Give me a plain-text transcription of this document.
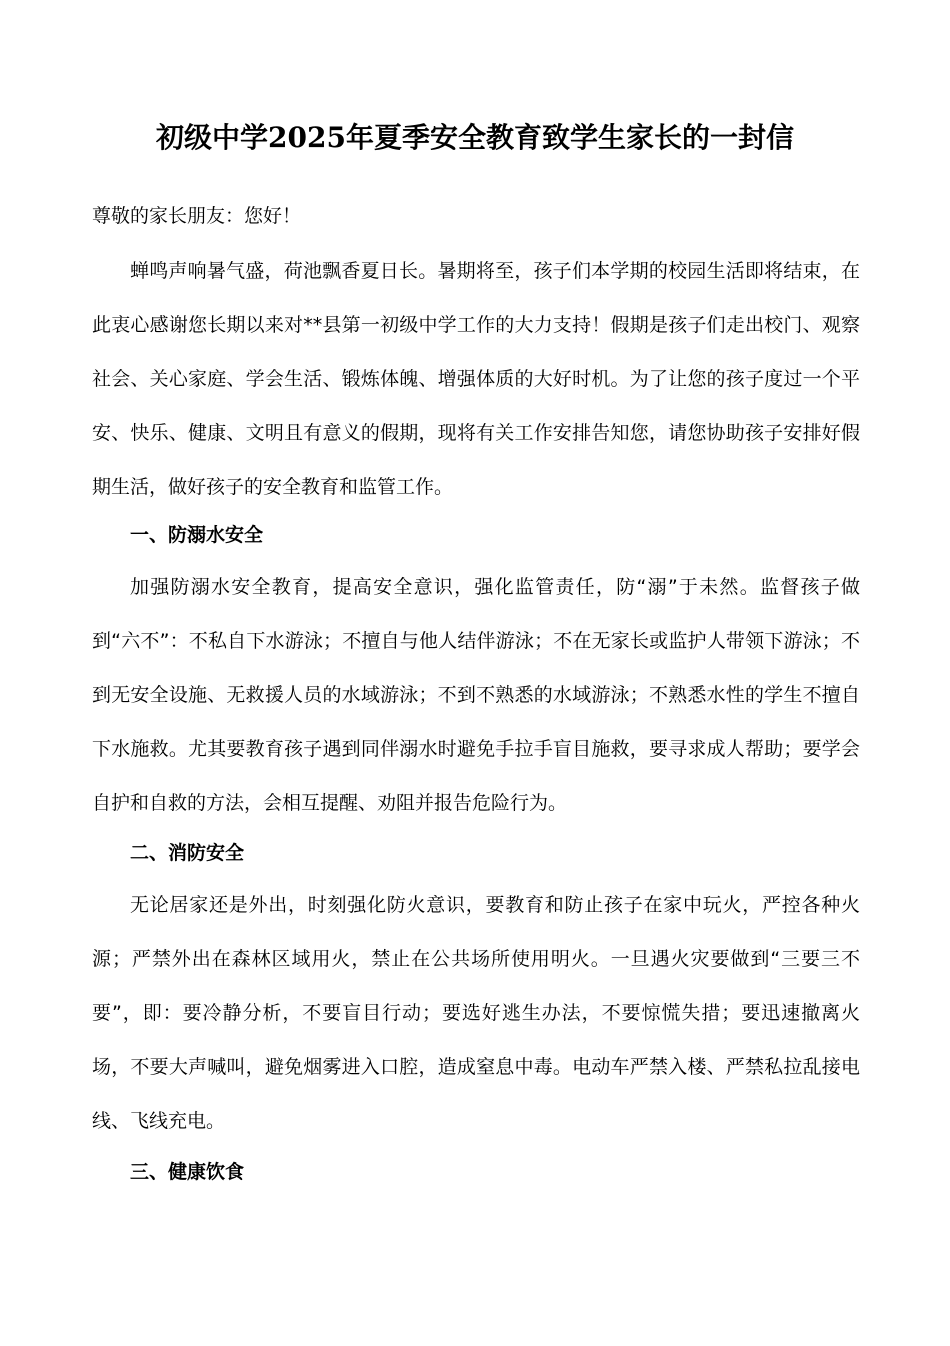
初级中学2025年夏季安全教育致学生家长的一封信

尊敬的家长朋友：您好！

蝉鸣声响暑气盛，荷池飘香夏日长。暑期将至，孩子们本学期的校园生活即将结束，在此衷心感谢您长期以来对**县第一初级中学工作的大力支持！假期是孩子们走出校门、观察社会、关心家庭、学会生活、锻炼体魄、增强体质的大好时机。为了让您的孩子度过一个平安、快乐、健康、文明且有意义的假期，现将有关工作安排告知您，请您协助孩子安排好假期生活，做好孩子的安全教育和监管工作。

一、防溺水安全

加强防溺水安全教育，提高安全意识，强化监管责任，防“溺”于未然。监督孩子做到“六不”：不私自下水游泳；不擅自与他人结伴游泳；不在无家长或监护人带领下游泳；不到无安全设施、无救援人员的水域游泳；不到不熟悉的水域游泳；不熟悉水性的学生不擅自下水施救。尤其要教育孩子遇到同伴溺水时避免手拉手盲目施救，要寻求成人帮助；要学会自护和自救的方法，会相互提醒、劝阻并报告危险行为。

二、消防安全

无论居家还是外出，时刻强化防火意识，要教育和防止孩子在家中玩火，严控各种火源；严禁外出在森林区域用火，禁止在公共场所使用明火。一旦遇火灾要做到“三要三不要”，即：要冷静分析，不要盲目行动；要选好逃生办法，不要惊慌失措；要迅速撤离火场，不要大声喊叫，避免烟雾进入口腔，造成窒息中毒。电动车严禁入楼、严禁私拉乱接电线、飞线充电。

三、健康饮食
